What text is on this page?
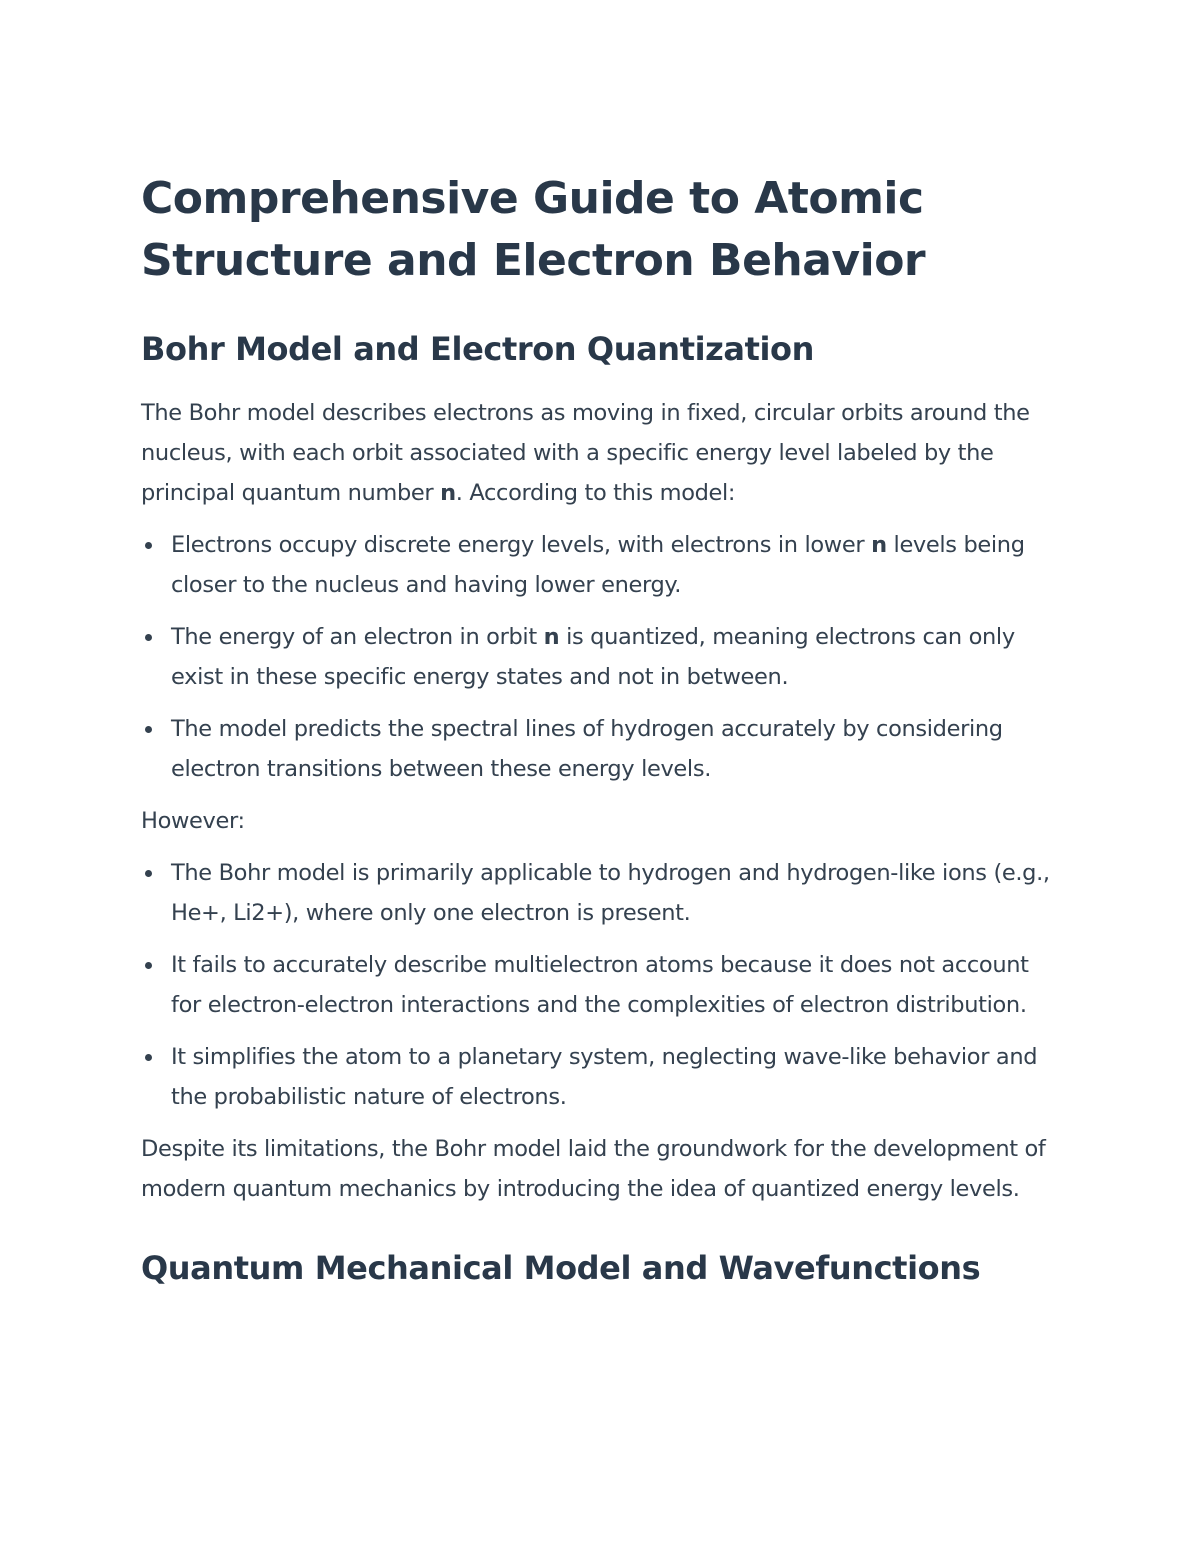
Comprehensive Guide to Atomic Structure and Electron Behavior
Bohr Model and Electron Quantization

The Bohr model describes electrons as moving in fixed, circular orbits around the nucleus, with each orbit associated with a specific energy level labeled by the principal quantum number n. According to this model:

Electrons occupy discrete energy levels, with electrons in lower n levels being closer to the nucleus and having lower energy.
The energy of an electron in orbit n is quantized, meaning electrons can only exist in these specific energy states and not in between.
The model predicts the spectral lines of hydrogen accurately by considering electron transitions between these energy levels.

However:

The Bohr model is primarily applicable to hydrogen and hydrogen-like ions (e.g., He+, Li2+), where only one electron is present.
It fails to accurately describe multielectron atoms because it does not account for electron-electron interactions and the complexities of electron distribution.
It simplifies the atom to a planetary system, neglecting wave-like behavior and the probabilistic nature of electrons.

Despite its limitations, the Bohr model laid the groundwork for the development of modern quantum mechanics by introducing the idea of quantized energy levels.

Quantum Mechanical Model and Wavefunctions
